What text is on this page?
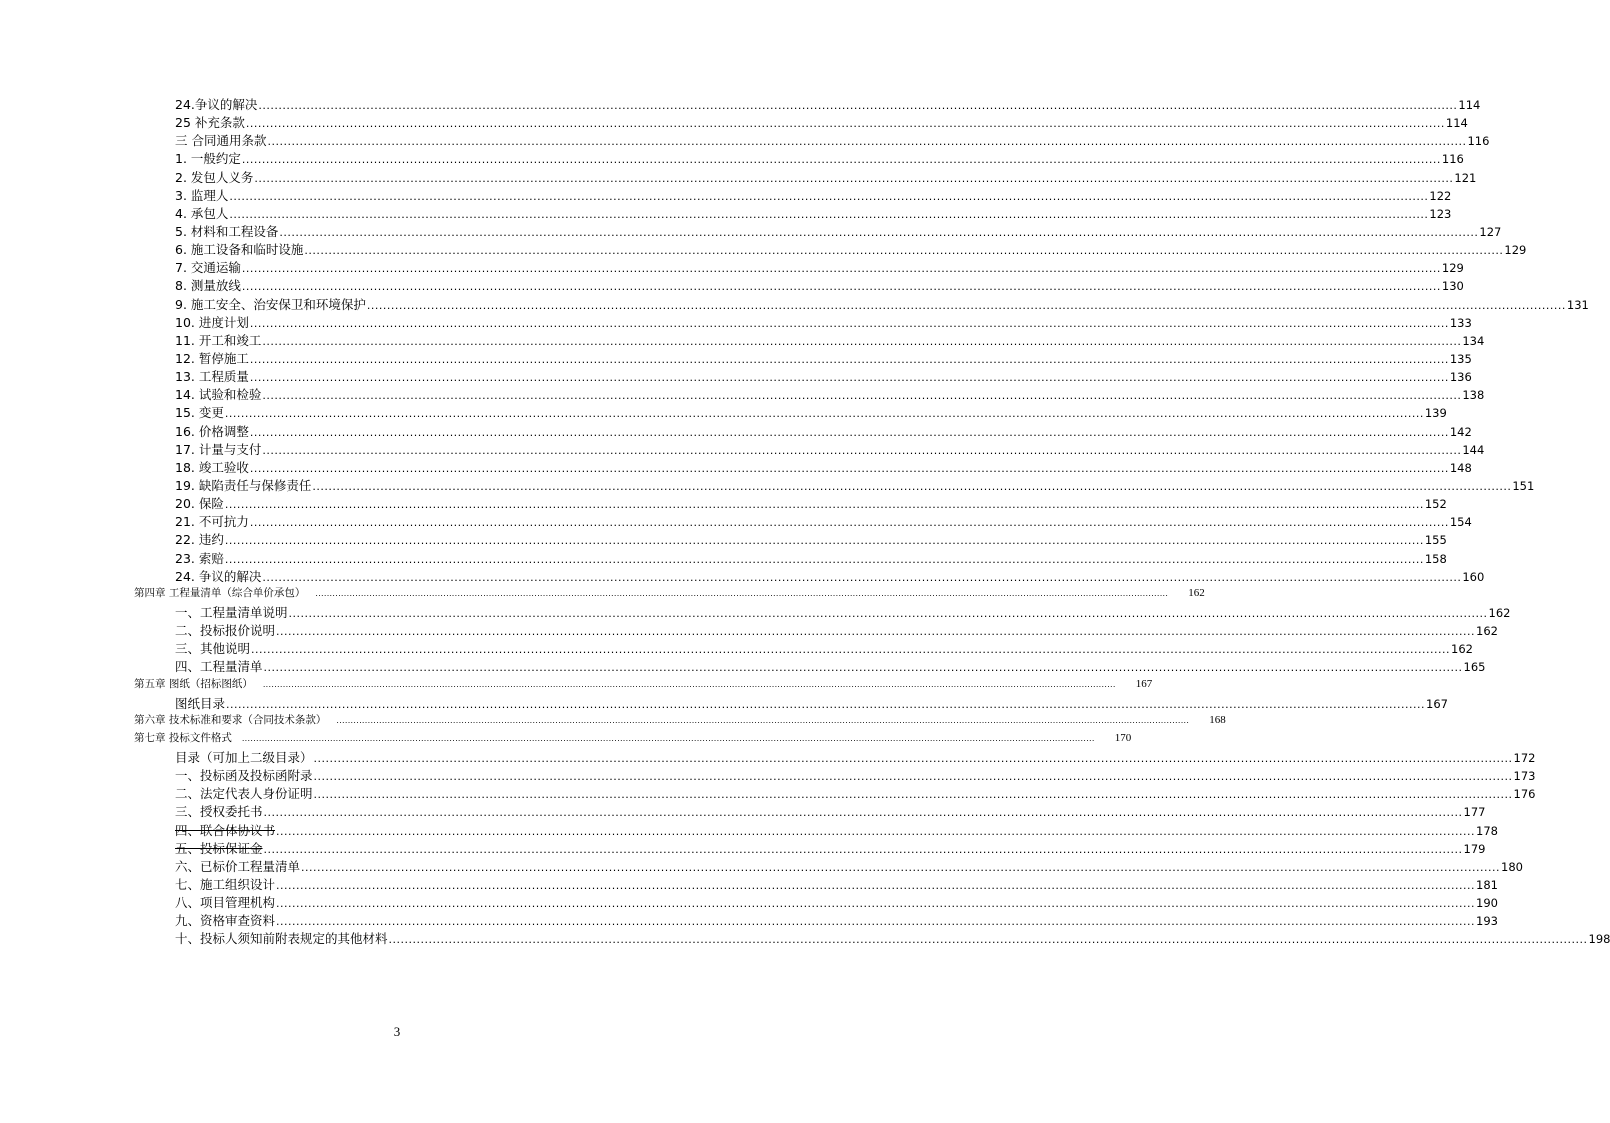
24.争议的解决 ............................................................................................................................................................................................................................................................................................................ 114
25 补充条款 ............................................................................................................................................................................................................................................................................................................ 114
三 合同通用条款 ............................................................................................................................................................................................................................................................................................................ 116
1. 一般约定 ............................................................................................................................................................................................................................................................................................................ 116
2. 发包人义务 ............................................................................................................................................................................................................................................................................................................ 121
3. 监理人 ............................................................................................................................................................................................................................................................................................................ 122
4. 承包人 ............................................................................................................................................................................................................................................................................................................ 123
5. 材料和工程设备 ............................................................................................................................................................................................................................................................................................................ 127
6. 施工设备和临时设施 ............................................................................................................................................................................................................................................................................................................ 129
7. 交通运输 ............................................................................................................................................................................................................................................................................................................ 129
8. 测量放线 ............................................................................................................................................................................................................................................................................................................ 130
9. 施工安全、治安保卫和环境保护 ............................................................................................................................................................................................................................................................................................................ 131
10. 进度计划 ............................................................................................................................................................................................................................................................................................................ 133
11. 开工和竣工 ............................................................................................................................................................................................................................................................................................................ 134
12. 暂停施工 ............................................................................................................................................................................................................................................................................................................ 135
13. 工程质量 ............................................................................................................................................................................................................................................................................................................ 136
14. 试验和检验 ............................................................................................................................................................................................................................................................................................................ 138
15. 变更 ............................................................................................................................................................................................................................................................................................................ 139
16. 价格调整 ............................................................................................................................................................................................................................................................................................................ 142
17. 计量与支付 ............................................................................................................................................................................................................................................................................................................ 144
18. 竣工验收 ............................................................................................................................................................................................................................................................................................................ 148
19. 缺陷责任与保修责任 ............................................................................................................................................................................................................................................................................................................ 151
20. 保险 ............................................................................................................................................................................................................................................................................................................ 152
21. 不可抗力 ............................................................................................................................................................................................................................................................................................................ 154
22. 违约 ............................................................................................................................................................................................................................................................................................................ 155
23. 索赔 ............................................................................................................................................................................................................................................................................................................ 158
24. 争议的解决 ............................................................................................................................................................................................................................................................................................................ 160
第四章 工程量清单（综合单价承包） ............................................................................................................................................................................................................................................................................................................ 162
一、工程量清单说明 ............................................................................................................................................................................................................................................................................................................ 162
二、投标报价说明 ............................................................................................................................................................................................................................................................................................................ 162
三、其他说明 ............................................................................................................................................................................................................................................................................................................ 162
四、工程量清单 ............................................................................................................................................................................................................................................................................................................ 165
第五章 图纸（招标图纸） ............................................................................................................................................................................................................................................................................................................ 167
图纸目录 ............................................................................................................................................................................................................................................................................................................ 167
第六章 技术标准和要求（合同技术条款） ............................................................................................................................................................................................................................................................................................................ 168
第七章 投标文件格式 ............................................................................................................................................................................................................................................................................................................ 170
目录（可加上二级目录） ............................................................................................................................................................................................................................................................................................................ 172
一、投标函及投标函附录 ............................................................................................................................................................................................................................................................................................................ 173
二、法定代表人身份证明 ............................................................................................................................................................................................................................................................................................................ 176
三、授权委托书 ............................................................................................................................................................................................................................................................................................................ 177
四、联合体协议书 ............................................................................................................................................................................................................................................................................................................ 178
五、投标保证金 ............................................................................................................................................................................................................................................................................................................ 179
六、已标价工程量清单 ............................................................................................................................................................................................................................................................................................................ 180
七、施工组织设计 ............................................................................................................................................................................................................................................................................................................ 181
八、项目管理机构 ............................................................................................................................................................................................................................................................................................................ 190
九、资格审查资料 ............................................................................................................................................................................................................................................................................................................ 193
十、投标人须知前附表规定的其他材料 ............................................................................................................................................................................................................................................................................................................ 198
3
